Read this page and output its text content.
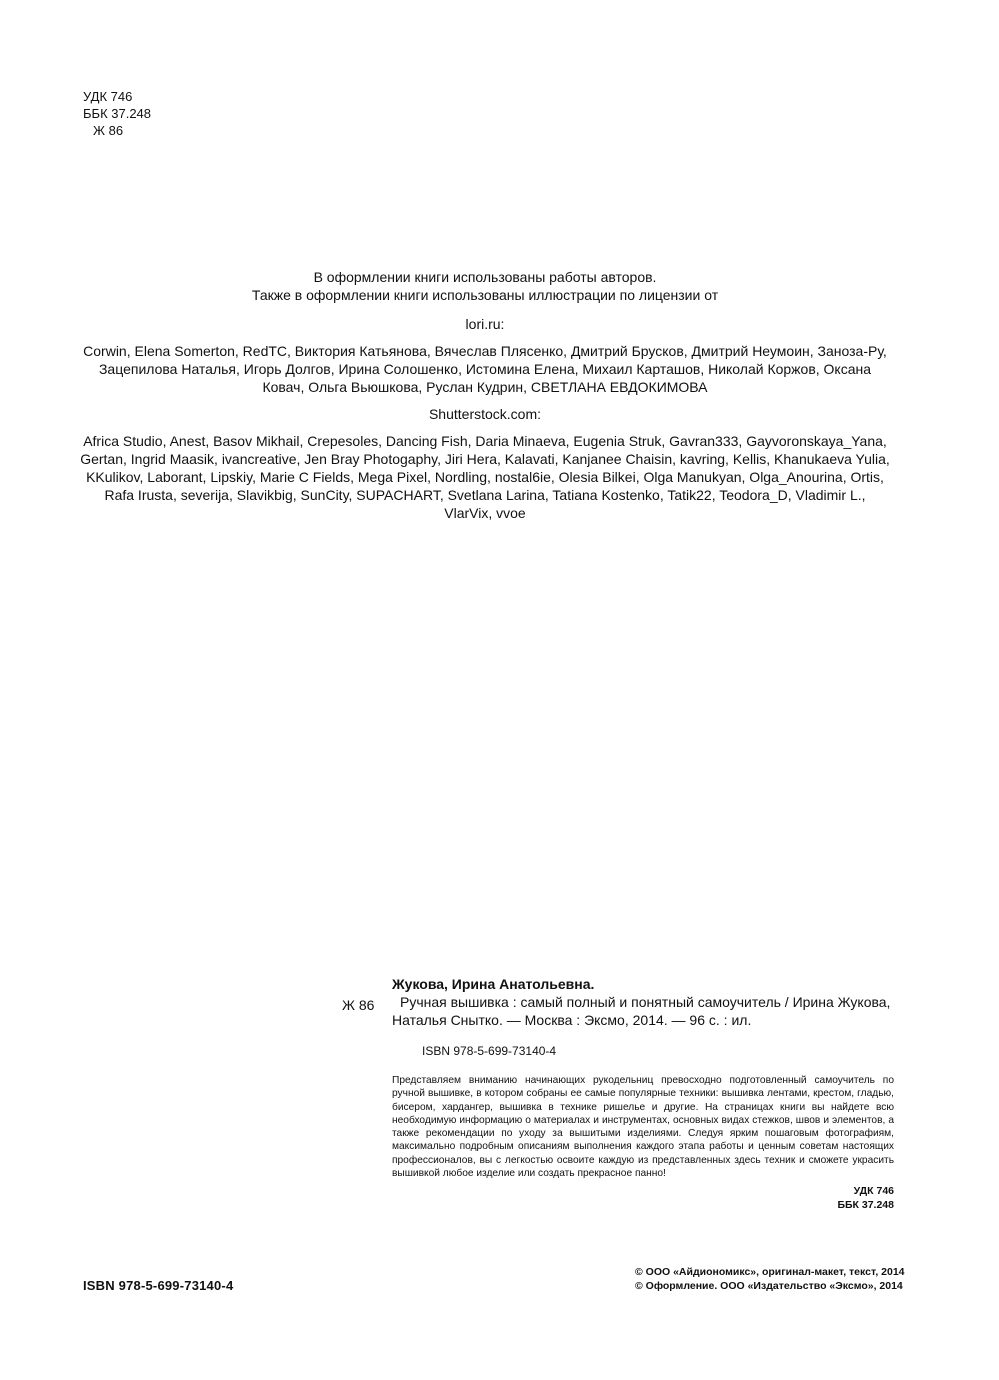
УДК 746
ББК 37.248
Ж 86

В оформлении книги использованы работы авторов.

Также в оформлении книги использованы иллюстрации по лицензии от

lori.ru:
Corwin, Elena Somerton, RedTC, Виктория Катьянова, Вячеслав Плясенко, Дмитрий Брусков, Дмитрий Неумоин, Заноза-Ру, Зацепилова Наталья, Игорь Долгов, Ирина Солошенко, Истомина Елена, Михаил Карташов, Николай Коржов, Оксана Ковач, Ольга Вьюшкова, Руслан Кудрин, СВЕТЛАНА ЕВДОКИМОВА
Shutterstock.com:
Africa Studio, Anest, Basov Mikhail, Crepesoles, Dancing Fish, Daria Minaeva, Eugenia Struk, Gavran333, Gayvoronskaya_Yana, Gertan, Ingrid Maasik, ivancreative, Jen Bray Photogaphy, Jiri Hera, Kalavati, Kanjanee Chaisin, kavring, Kellis, Khanukaeva Yulia, KKulikov, Laborant, Lipskiy, Marie C Fields, Mega Pixel, Nordling, nostal6ie, Olesia Bilkei, Olga Manukyan, Olga_Anourina, Ortis, Rafa Irusta, severija, Slavikbig, SunCity, SUPACHART, Svetlana Larina, Tatiana Kostenko, Tatik22, Teodora_D, Vladimir L., VlarVix, vvoe
Ж 86
Жукова, Ирина Анатольевна.

Ручная вышивка : самый полный и понятный самоучитель / Ирина Жукова, Наталья Снытко. — Москва : Эксмо, 2014. — 96 с. : ил.

ISBN 978-5-699-73140-4
Представляем вниманию начинающих рукодельниц превосходно подготовленный самоучитель по ручной вышивке, в котором собраны ее самые популярные техники: вышивка лентами, крестом, гладью, бисером, хардангер, вышивка в технике ришелье и другие. На страницах книги вы найдете всю необходимую информацию о материалах и инструментах, основных видах стежков, швов и элементов, а также рекомендации по уходу за вышитыми изделиями. Следуя ярким пошаговым фотографиям, максимально подробным описаниям выполнения каждого этапа работы и ценным советам настоящих профессионалов, вы с легкостью освоите каждую из представленных здесь техник и сможете украсить вышивкой любое изделие или создать прекрасное панно!
УДК 746
ББК 37.248
ISBN 978-5-699-73140-4
© ООО «Айдиономикс», оригинал-макет, текст, 2014
© Оформление. ООО «Издательство «Эксмо», 2014
